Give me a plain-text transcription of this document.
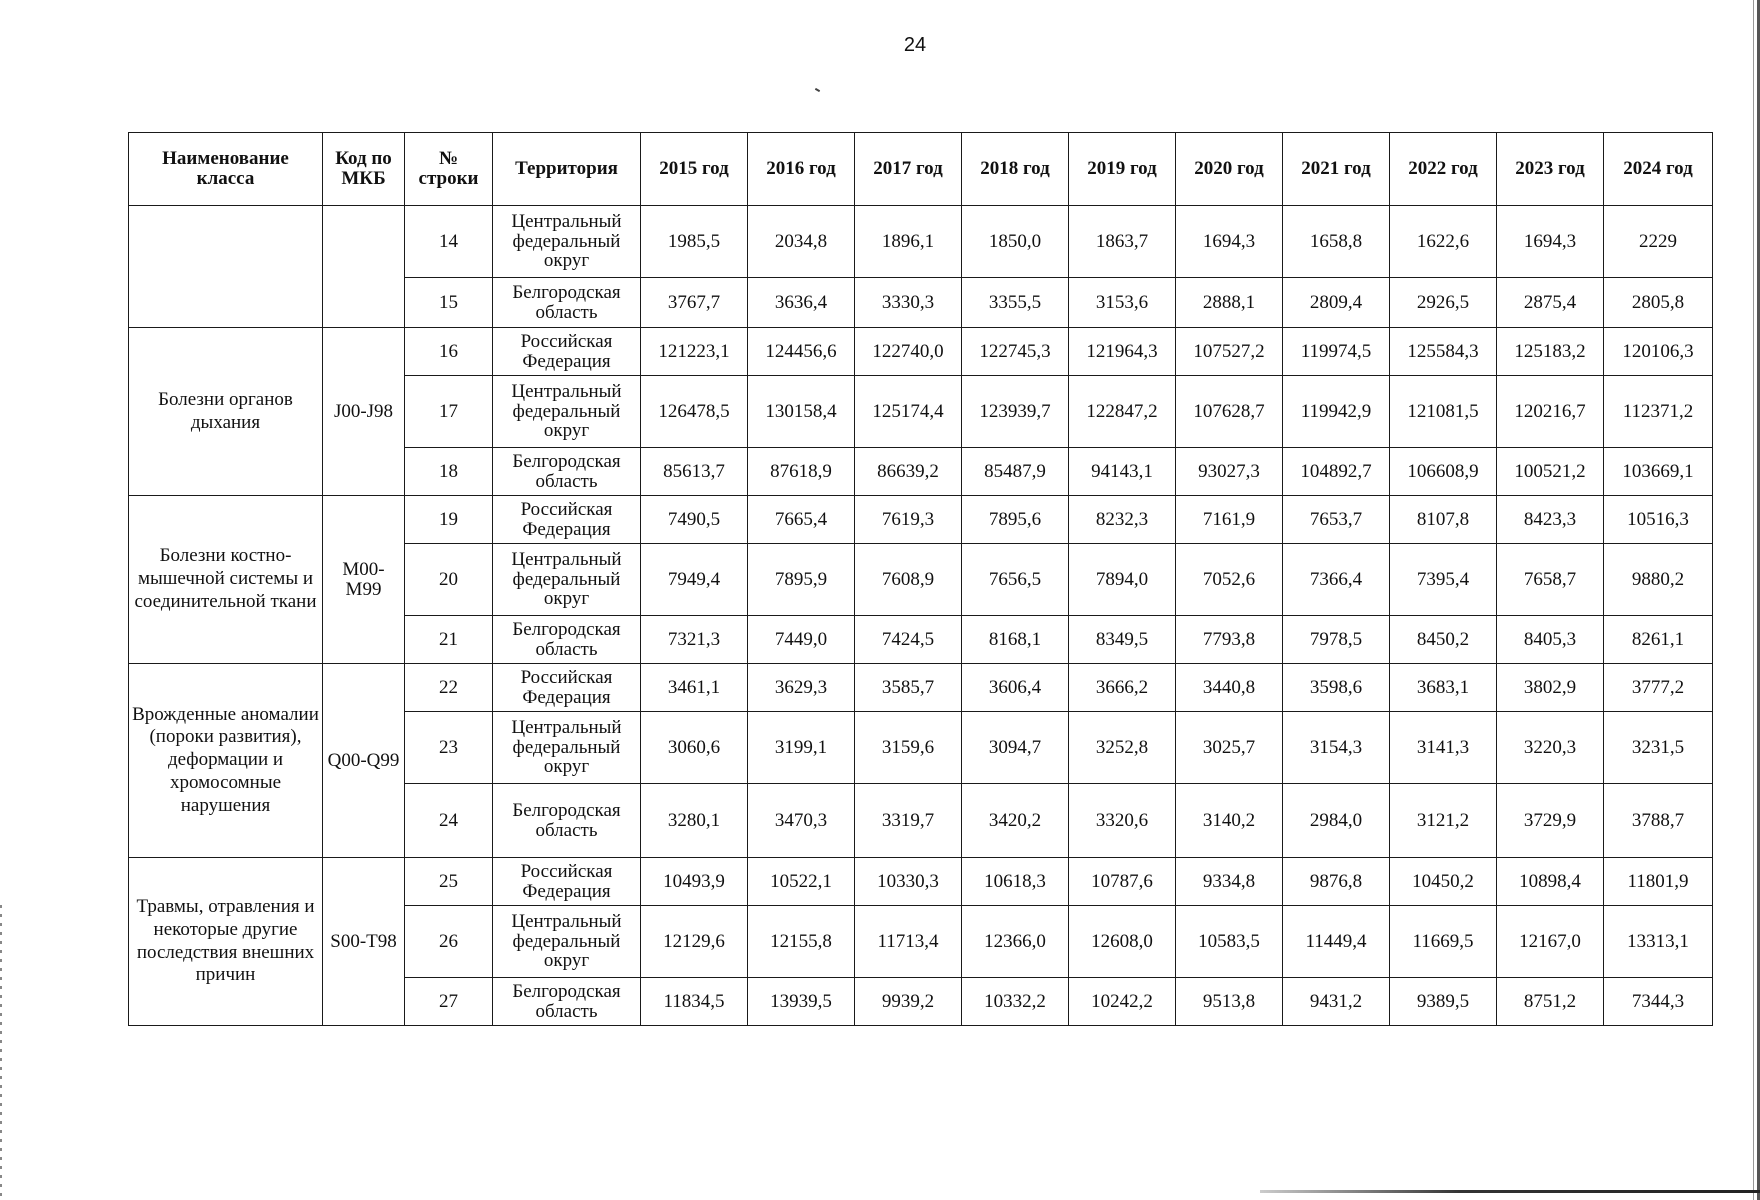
24
Наименование класса	Код по МКБ	№ строки	Территория	2015 год	2016 год	2017 год	2018 год	2019 год	2020 год	2021 год	2022 год	2023 год	2024 год
		14	Центральный федеральный округ	1985,5	2034,8	1896,1	1850,0	1863,7	1694,3	1658,8	1622,6	1694,3	2229
		15	Белгородская область	3767,7	3636,4	3330,3	3355,5	3153,6	2888,1	2809,4	2926,5	2875,4	2805,8
Болезни органов дыхания	J00-J98	16	Российская Федерация	121223,1	124456,6	122740,0	122745,3	121964,3	107527,2	119974,5	125584,3	125183,2	120106,3
		17	Центральный федеральный округ	126478,5	130158,4	125174,4	123939,7	122847,2	107628,7	119942,9	121081,5	120216,7	112371,2
		18	Белгородская область	85613,7	87618,9	86639,2	85487,9	94143,1	93027,3	104892,7	106608,9	100521,2	103669,1
Болезни костно-мышечной системы и соединительной ткани	M00-M99	19	Российская Федерация	7490,5	7665,4	7619,3	7895,6	8232,3	7161,9	7653,7	8107,8	8423,3	10516,3
		20	Центральный федеральный округ	7949,4	7895,9	7608,9	7656,5	7894,0	7052,6	7366,4	7395,4	7658,7	9880,2
		21	Белгородская область	7321,3	7449,0	7424,5	8168,1	8349,5	7793,8	7978,5	8450,2	8405,3	8261,1
Врожденные аномалии (пороки развития), деформации и хромосомные нарушения	Q00-Q99	22	Российская Федерация	3461,1	3629,3	3585,7	3606,4	3666,2	3440,8	3598,6	3683,1	3802,9	3777,2
		23	Центральный федеральный округ	3060,6	3199,1	3159,6	3094,7	3252,8	3025,7	3154,3	3141,3	3220,3	3231,5
		24	Белгородская область	3280,1	3470,3	3319,7	3420,2	3320,6	3140,2	2984,0	3121,2	3729,9	3788,7
Травмы, отравления и некоторые другие последствия внешних причин	S00-T98	25	Российская Федерация	10493,9	10522,1	10330,3	10618,3	10787,6	9334,8	9876,8	10450,2	10898,4	11801,9
		26	Центральный федеральный округ	12129,6	12155,8	11713,4	12366,0	12608,0	10583,5	11449,4	11669,5	12167,0	13313,1
		27	Белгородская область	11834,5	13939,5	9939,2	10332,2	10242,2	9513,8	9431,2	9389,5	8751,2	7344,3
